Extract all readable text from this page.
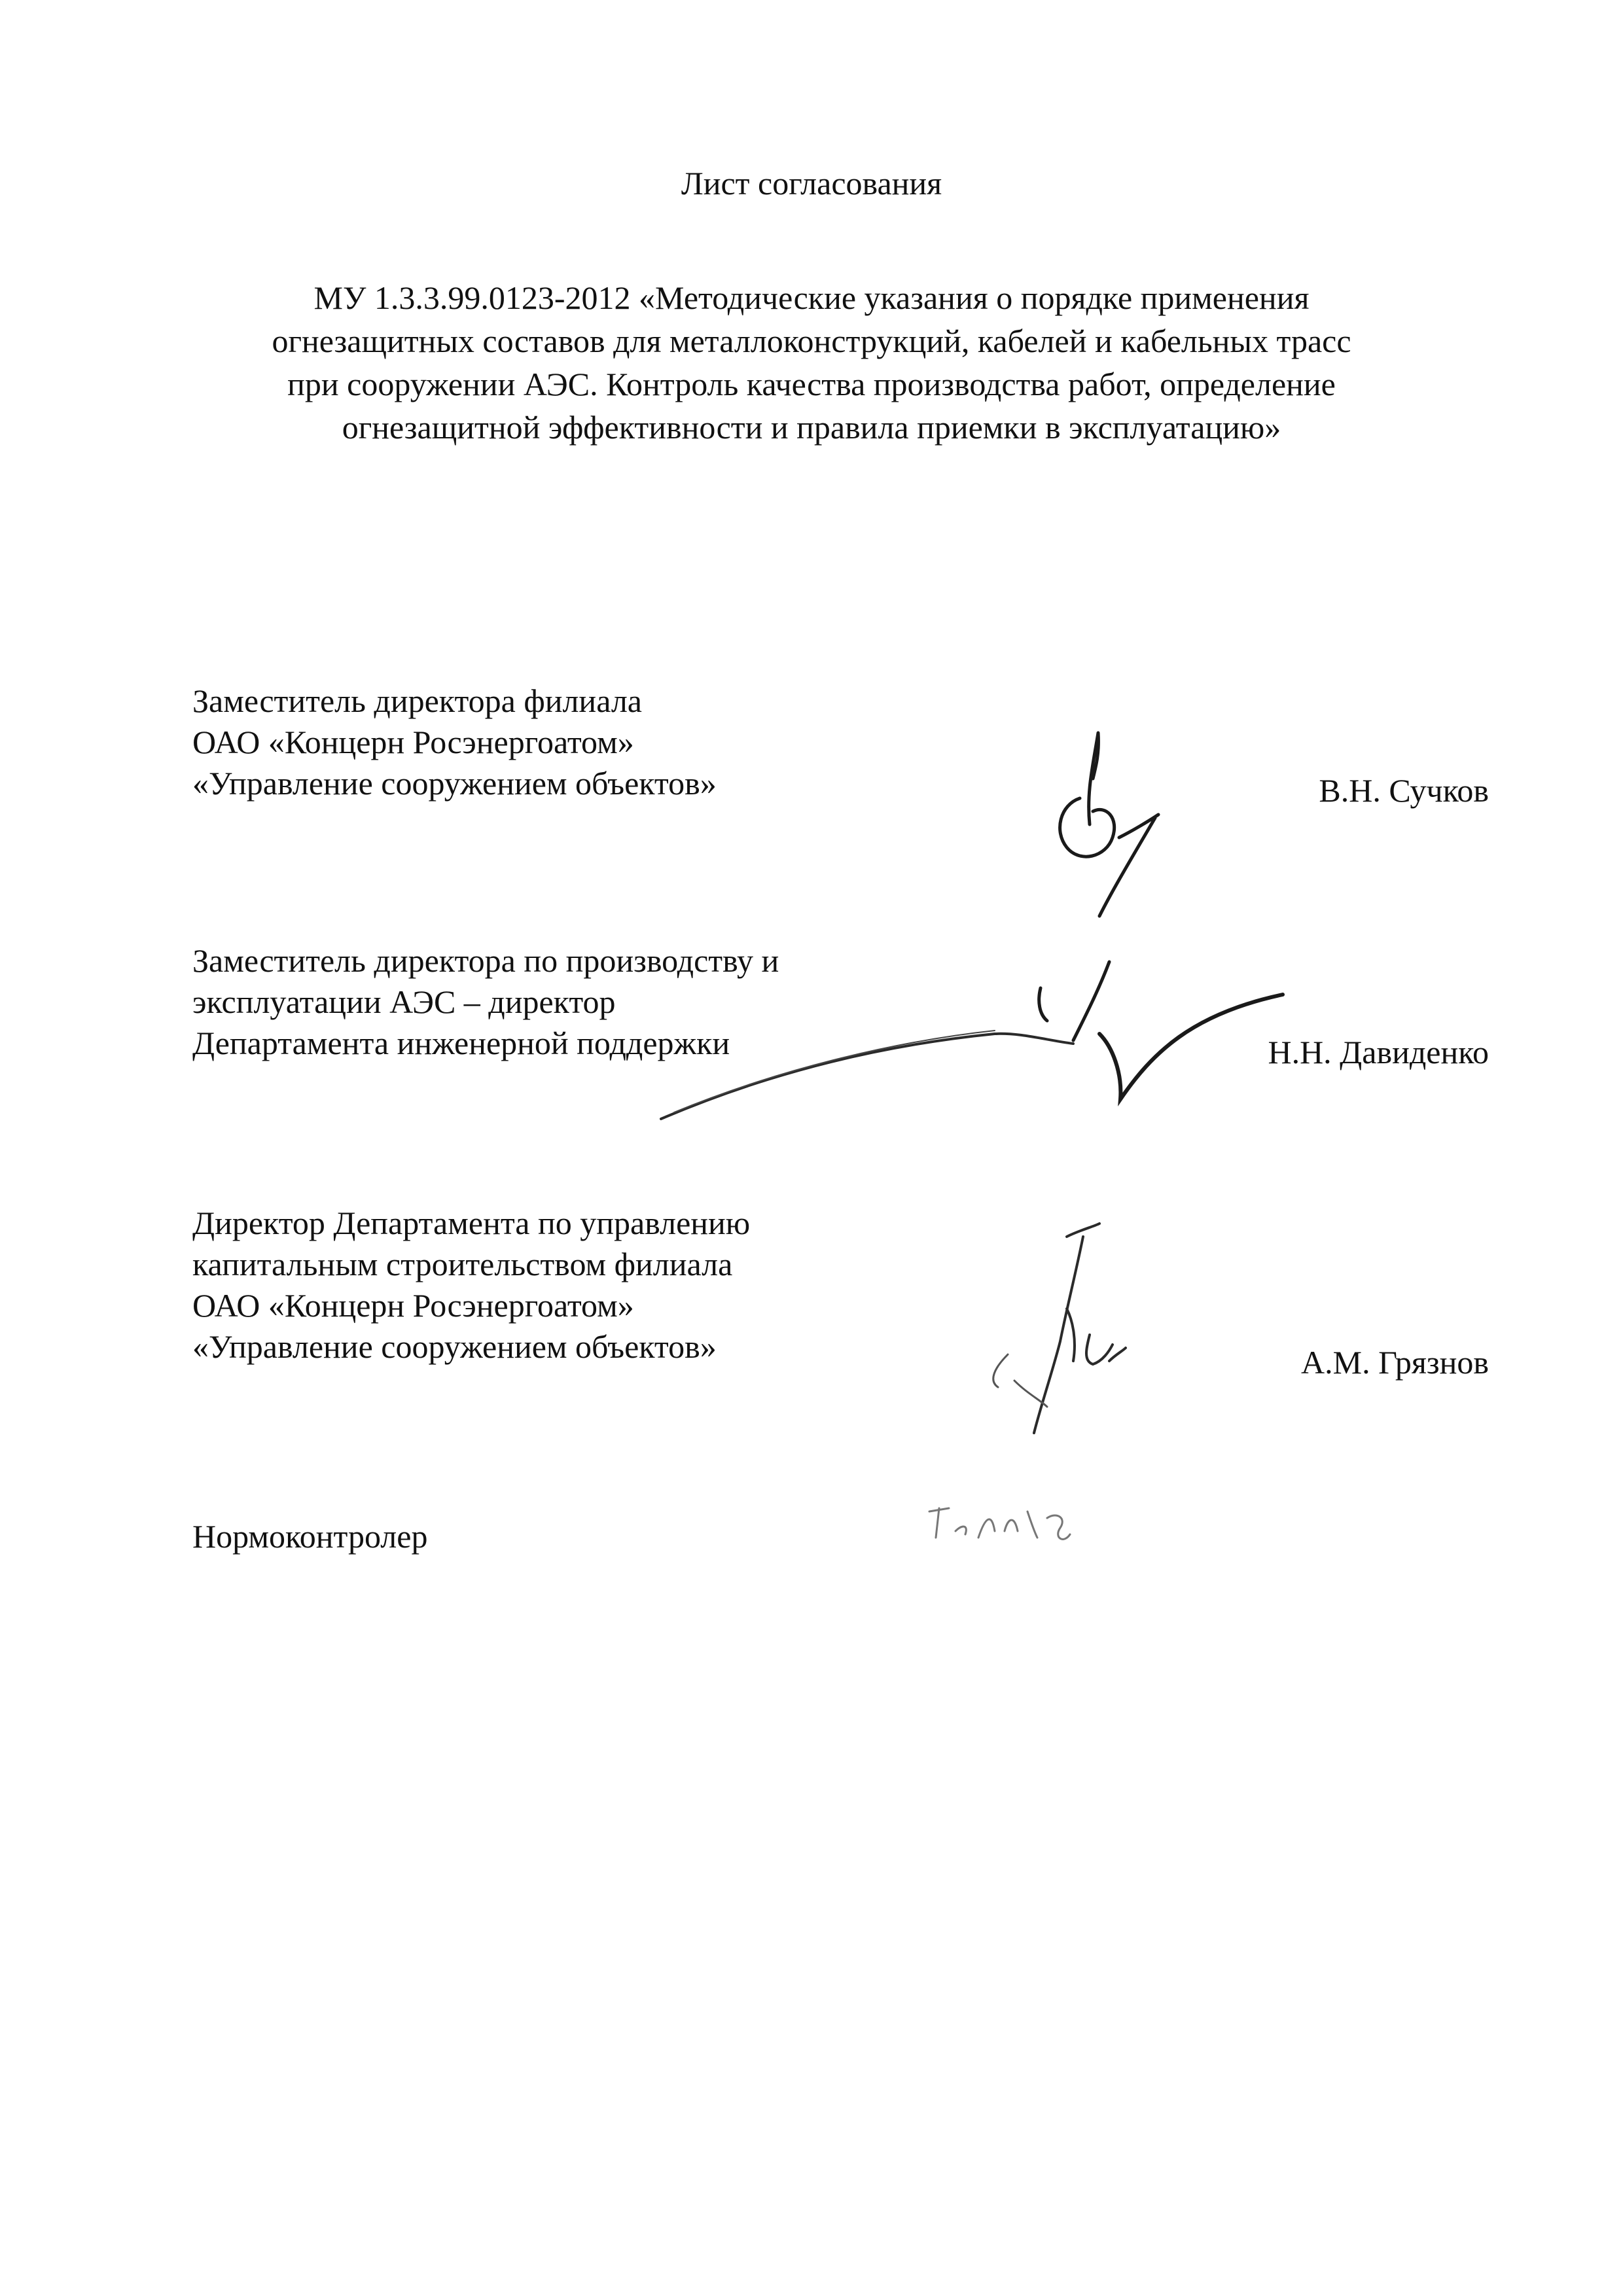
Лист согласования
МУ 1.3.3.99.0123-2012 «Методические указания о порядке применения
огнезащитных составов для металлоконструкций, кабелей и кабельных трасс
при сооружении АЭС. Контроль качества производства работ, определение
огнезащитной эффективности и правила приемки в эксплуатацию»
Заместитель директора филиала
ОАО «Концерн Росэнергоатом»
«Управление сооружением объектов»	В.Н. Сучков
Заместитель директора по производству и
эксплуатации АЭС – директор
Департамента инженерной поддержки	Н.Н. Давиденко
Директор Департамента по управлению
капитальным строительством филиала
ОАО «Концерн Росэнергоатом»
«Управление сооружением объектов»	А.М. Грязнов
Нормоконтролер
